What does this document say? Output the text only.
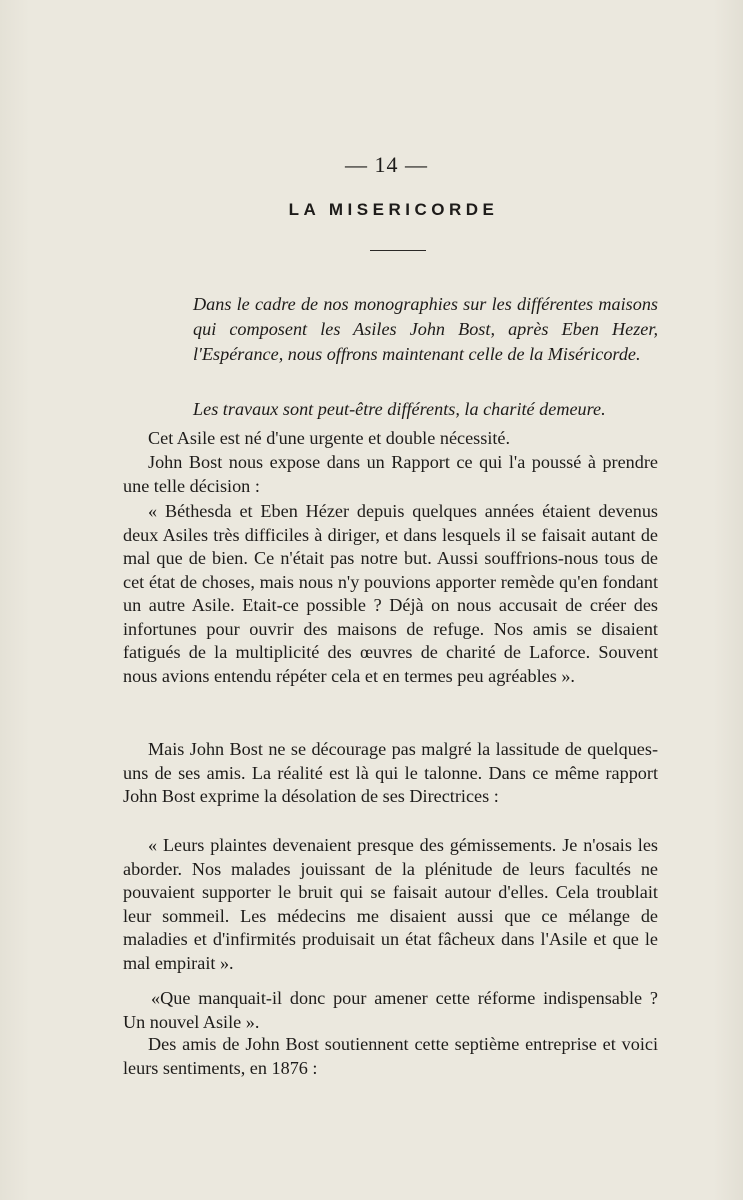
— 14 —
LA MISERICORDE

Dans le cadre de nos monographies sur les différentes maisons qui composent les Asiles John Bost, après Eben Hezer, l'Espérance, nous offrons maintenant celle de la Miséricorde.

Les travaux sont peut-être différents, la charité demeure.

Cet Asile est né d'une urgente et double nécessité.

John Bost nous expose dans un Rapport ce qui l'a poussé à prendre une telle décision :

« Béthesda et Eben Hézer depuis quelques années étaient devenus deux Asiles très difficiles à diriger, et dans lesquels il se faisait autant de mal que de bien. Ce n'était pas notre but. Aussi souffrions-nous tous de cet état de choses, mais nous n'y pouvions apporter remède qu'en fondant un autre Asile. Etait-ce possible ? Déjà on nous accusait de créer des infortunes pour ouvrir des maisons de refuge. Nos amis se disaient fatigués de la multiplicité des œuvres de charité de Laforce. Souvent nous avions entendu répéter cela et en termes peu agréables ».

Mais John Bost ne se décourage pas malgré la lassitude de quelques-uns de ses amis. La réalité est là qui le talonne. Dans ce même rapport John Bost exprime la désolation de ses Directrices :

« Leurs plaintes devenaient presque des gémissements. Je n'osais les aborder. Nos malades jouissant de la plénitude de leurs facultés ne pouvaient supporter le bruit qui se faisait autour d'elles. Cela troublait leur sommeil. Les médecins me disaient aussi que ce mélange de maladies et d'infirmités produisait un état fâcheux dans l'Asile et que le mal empirait ».

«Que manquait-il donc pour amener cette réforme indispensable ? Un nouvel Asile ».

Des amis de John Bost soutiennent cette septième entreprise et voici leurs sentiments, en 1876 :
